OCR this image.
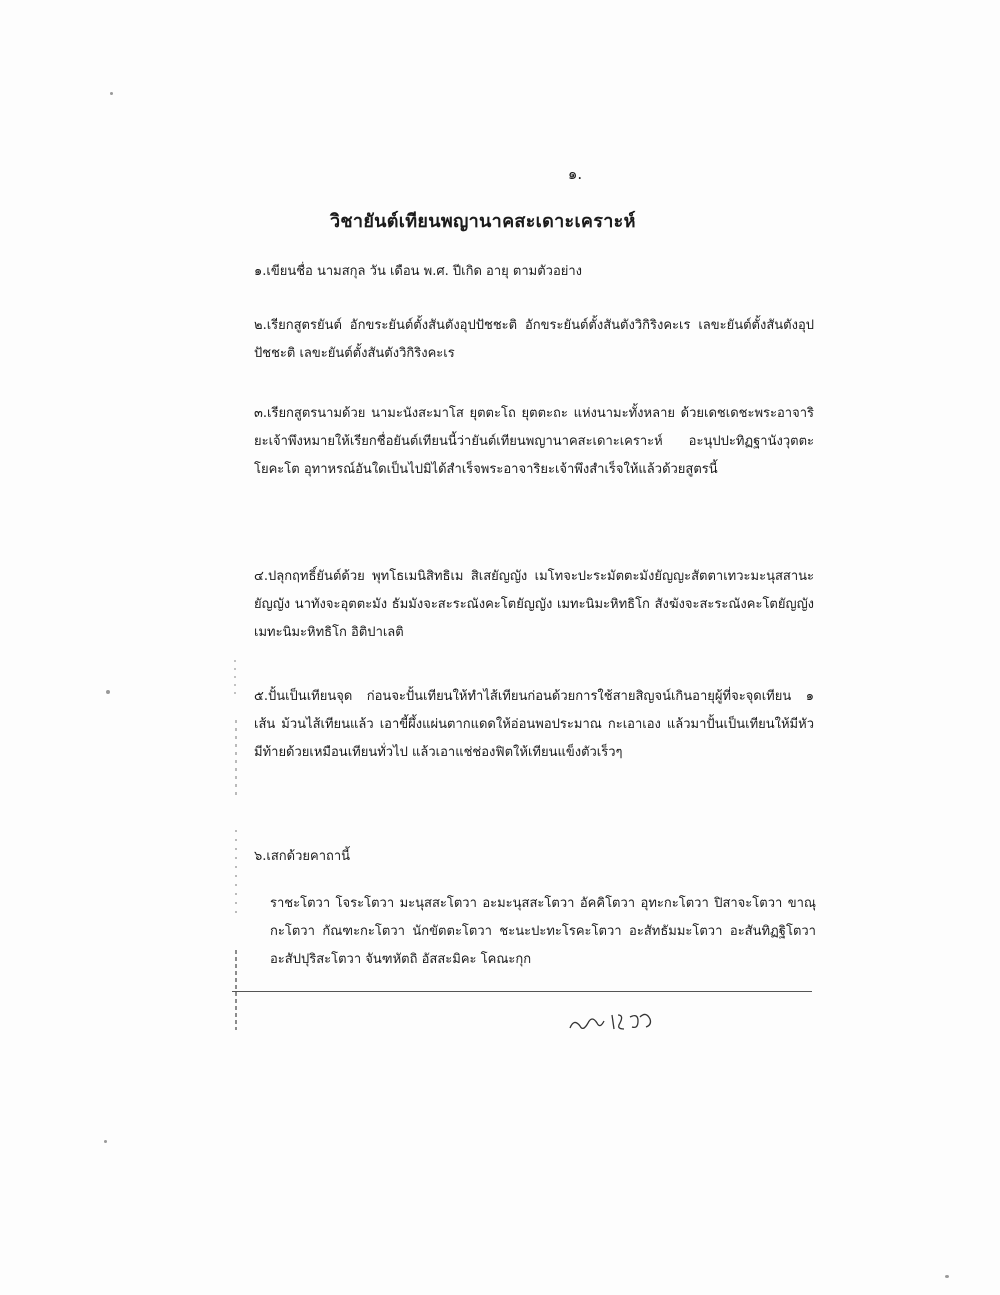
๑.
วิชายันต์เทียนพญานาคสะเดาะเคราะห์
๑.เขียนชื่อ นามสกุล วัน เดือน พ.ศ. ปีเกิด อายุ ตามตัวอย่าง
๒.เรียกสูตรยันต์ อักขระยันต์ตั้งสันตังอุปปัชชะติ อักขระยันต์ตั้งสันตังวิกิริงคะเร เลขะยันต์ตั้งสันตังอุปปัชชะติ เลขะยันต์ตั้งสันตังวิกิริงคะเร
๓.เรียกสูตรนามด้วย นามะนังสะมาโส ยุตตะโถ ยุตตะถะ แห่งนามะทั้งหลาย ด้วยเดชเดชะพระอาจาริยะเจ้าพึงหมายให้เรียกชื่อยันต์เทียนนี้ว่ายันต์เทียนพญานาคสะเดาะเคราะห์ อะนุปปะทิฏฐานังวุตตะโยคะโต อุทาหรณ์อันใดเป็นไปมิได้สำเร็จพระอาจาริยะเจ้าพึงสำเร็จให้แล้วด้วยสูตรนี้
๔.ปลุกฤทธิ์ยันต์ด้วย พุทโธเมนิสิทธิเม สิเสยัญญัง เมโทจะปะระมัตตะมังยัญญะสัตตาเทวะมะนุสสานะยัญญัง นาทังจะอุตตะมัง ธัมมังจะสะระณังคะโตยัญญัง เมทะนิมะหิทธิโก สังฆังจะสะระณังคะโตยัญญัง เมทะนิมะหิทธิโก อิติปาเลติ
๕.ปั้นเป็นเทียนจุด ก่อนจะปั้นเทียนให้ทำไส้เทียนก่อนด้วยการใช้สายสิญจน์เกินอายุผู้ที่จะจุดเทียน ๑ เส้น ม้วนไส้เทียนแล้ว เอาขี้ผึ้งแผ่นตากแดดให้อ่อนพอประมาณ กะเอาเอง แล้วมาปั้นเป็นเทียนให้มีหัวมีท้ายด้วยเหมือนเทียนทั่วไป แล้วเอาแช่ช่องฟิตให้เทียนแข็งตัวเร็วๆ
๖.เสกด้วยคาถานี้
ราชะโตวา โจระโตวา มะนุสสะโตวา อะมะนุสสะโตวา อัคคิโตวา อุทะกะโตวา ปิสาจะโตวา ขาณุกะโตวา กัณฑะกะโตวา นักขัตตะโตวา ชะนะปะทะโรคะโตวา อะสัทธัมมะโตวา อะสันทิฏฐิโตวา อะสัปปุริสะโตวา จันฑหัตถิ อัสสะมิคะ โคณะกุก
